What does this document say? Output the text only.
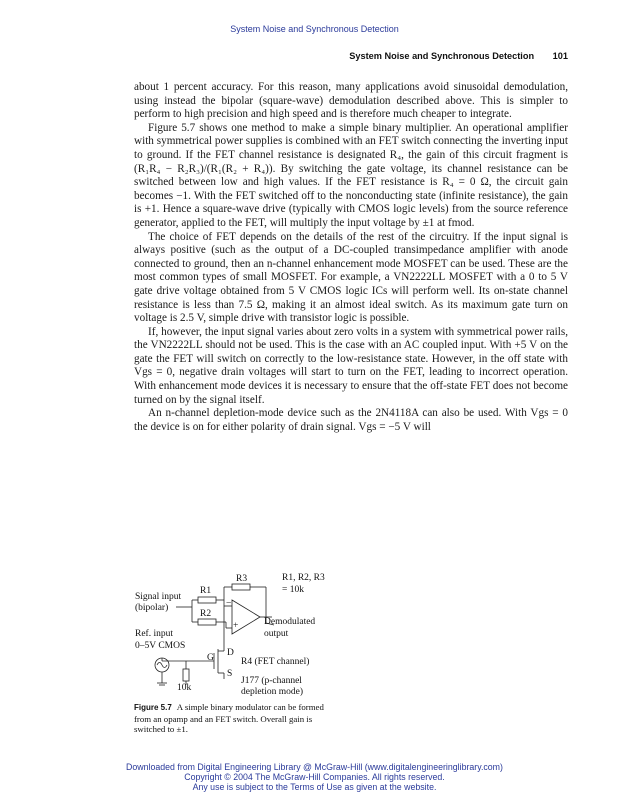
System Noise and Synchronous Detection
System Noise and Synchronous Detection 101

about 1 percent accuracy. For this reason, many applications avoid sinusoidal demodulation, using instead the bipolar (square-wave) demodulation described above. This is simpler to perform to high precision and high speed and is therefore much cheaper to integrate.

Figure 5.7 shows one method to make a simple binary multiplier. An operational amplifier with symmetrical power supplies is combined with an FET switch connecting the inverting input to ground. If the FET channel resistance is designated R₄, the gain of this circuit fragment is (R₁R₄ − R₂R₃)/(R₁(R₂ + R₄)). By switching the gate voltage, its channel resistance can be switched between low and high values. If the FET resistance is R₄ = 0 Ω, the circuit gain becomes −1. With the FET switched off to the nonconducting state (infinite resistance), the gain is +1. Hence a square-wave drive (typically with CMOS logic levels) from the source reference generator, applied to the FET, will multiply the input voltage by ±1 at fmod.

The choice of FET depends on the details of the rest of the circuitry. If the input signal is always positive (such as the output of a DC-coupled transimpedance amplifier with anode connected to ground, then an n-channel enhancement mode MOSFET can be used. These are the most common types of small MOSFET. For example, a VN2222LL MOSFET with a 0 to 5 V gate drive voltage obtained from 5 V CMOS logic ICs will perform well. Its on-state channel resistance is less than 7.5 Ω, making it an almost ideal switch. As its maximum gate turn on voltage is 2.5 V, simple drive with transistor logic is possible.

If, however, the input signal varies about zero volts in a system with symmetrical power rails, the VN2222LL should not be used. This is the case with an AC coupled input. With +5 V on the gate the FET will switch on correctly to the low-resistance state. However, in the off state with Vgs = 0, negative drain voltages will start to turn on the FET, leading to incorrect operation. With enhancement mode devices it is necessary to ensure that the off-state FET does not become turned on by the signal itself.

An n-channel depletion-mode device such as the 2N4118A can also be used. With Vgs = 0 the device is on for either polarity of drain signal. Vgs = −5 V will

Signal input
(bipolar)
R1
R2
R3
−
+
R1, R2, R3
= 10k
Demodulated
output
Ref. input
0–5V CMOS
G D
S
R4 (FET channel)
J177 (p-channel
depletion mode)
10k
Figure 5.7 A simple binary modulator can be formed from an opamp and an FET switch. Overall gain is switched to ±1.
Downloaded from Digital Engineering Library @ McGraw-Hill (www.digitalengineeringlibrary.com)
Copyright © 2004 The McGraw-Hill Companies. All rights reserved.
Any use is subject to the Terms of Use as given at the website.
